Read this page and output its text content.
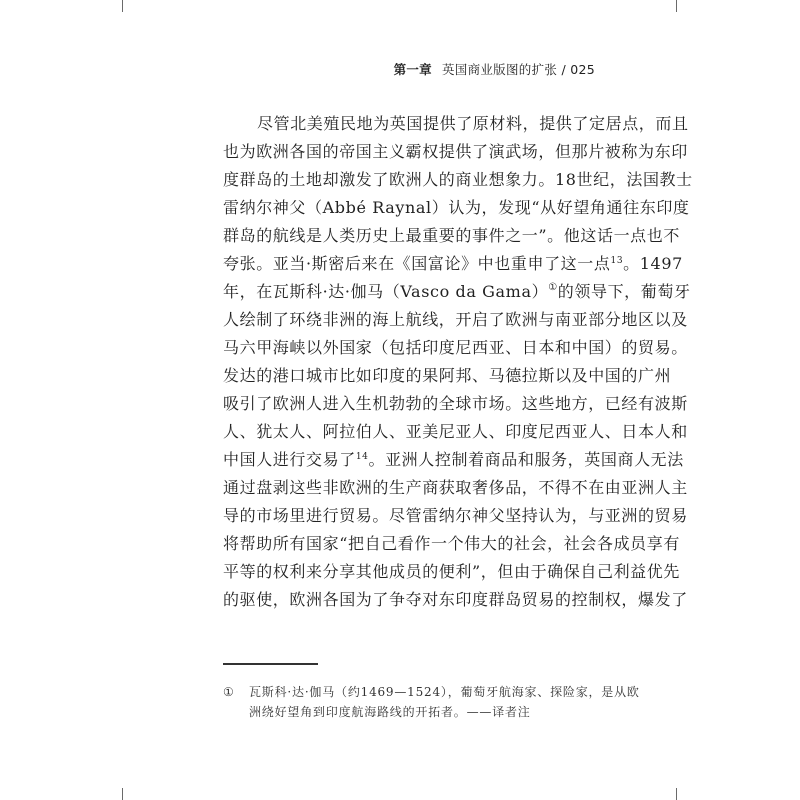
第一章 英国商业版图的扩张 / 025
尽管北美殖民地为英国提供了原材料，提供了定居点，而且
也为欧洲各国的帝国主义霸权提供了演武场，但那片被称为东印
度群岛的土地却激发了欧洲人的商业想象力。18世纪，法国教士
雷纳尔神父（Abbé Raynal）认为，发现“从好望角通往东印度
群岛的航线是人类历史上最重要的事件之一”。他这话一点也不
夸张。亚当·斯密后来在《国富论》中也重申了这一点$^{13}$。1497
年，在瓦斯科·达·伽马（Vasco da Gama）①的领导下，葡萄牙
人绘制了环绕非洲的海上航线，开启了欧洲与南亚部分地区以及
马六甲海峡以外国家（包括印度尼西亚、日本和中国）的贸易。
发达的港口城市比如印度的果阿邦、马德拉斯以及中国的广州
吸引了欧洲人进入生机勃勃的全球市场。这些地方，已经有波斯
人、犹太人、阿拉伯人、亚美尼亚人、印度尼西亚人、日本人和
中国人进行交易了$^{14}$。亚洲人控制着商品和服务，英国商人无法
通过盘剥这些非欧洲的生产商获取奢侈品，不得不在由亚洲人主
导的市场里进行贸易。尽管雷纳尔神父坚持认为，与亚洲的贸易
将帮助所有国家“把自己看作一个伟大的社会，社会各成员享有
平等的权利来分享其他成员的便利”，但由于确保自己利益优先
的驱使，欧洲各国为了争夺对东印度群岛贸易的控制权，爆发了
① 瓦斯科·达·伽马（约1469—1524），葡萄牙航海家、探险家，是从欧
洲绕好望角到印度航海路线的开拓者。——译者注
